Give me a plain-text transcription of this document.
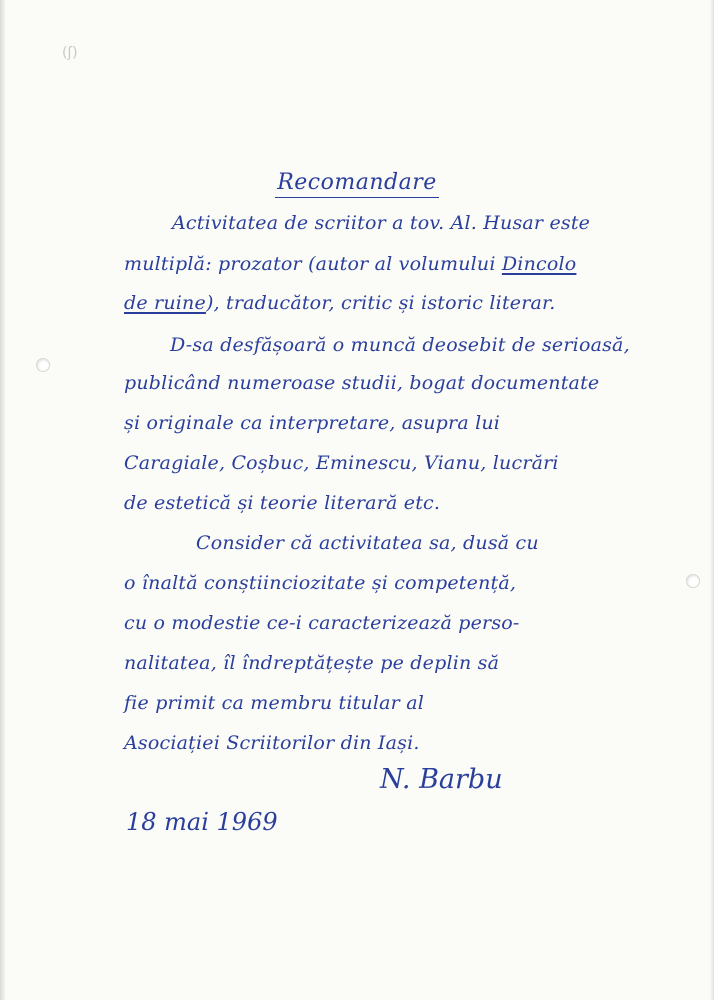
(ʃ)
Recomandare
Activitatea de scriitor a tov. Al. Husar este
multiplă: prozator (autor al volumului Dincolo
de ruine), traducător, critic și istoric literar.
D-sa desfășoară o muncă deosebit de serioasă,
publicând numeroase studii, bogat documentate
și originale ca interpretare, asupra lui
Caragiale, Coșbuc, Eminescu, Vianu, lucrări
de estetică și teorie literară etc.
Consider că activitatea sa, dusă cu
o înaltă conștiinciozitate și competență,
cu o modestie ce-i caracterizează perso-
nalitatea, îl îndreptățește pe deplin să
fie primit ca membru titular al
Asociației Scriitorilor din Iași.
N. Barbu
18 mai 1969
